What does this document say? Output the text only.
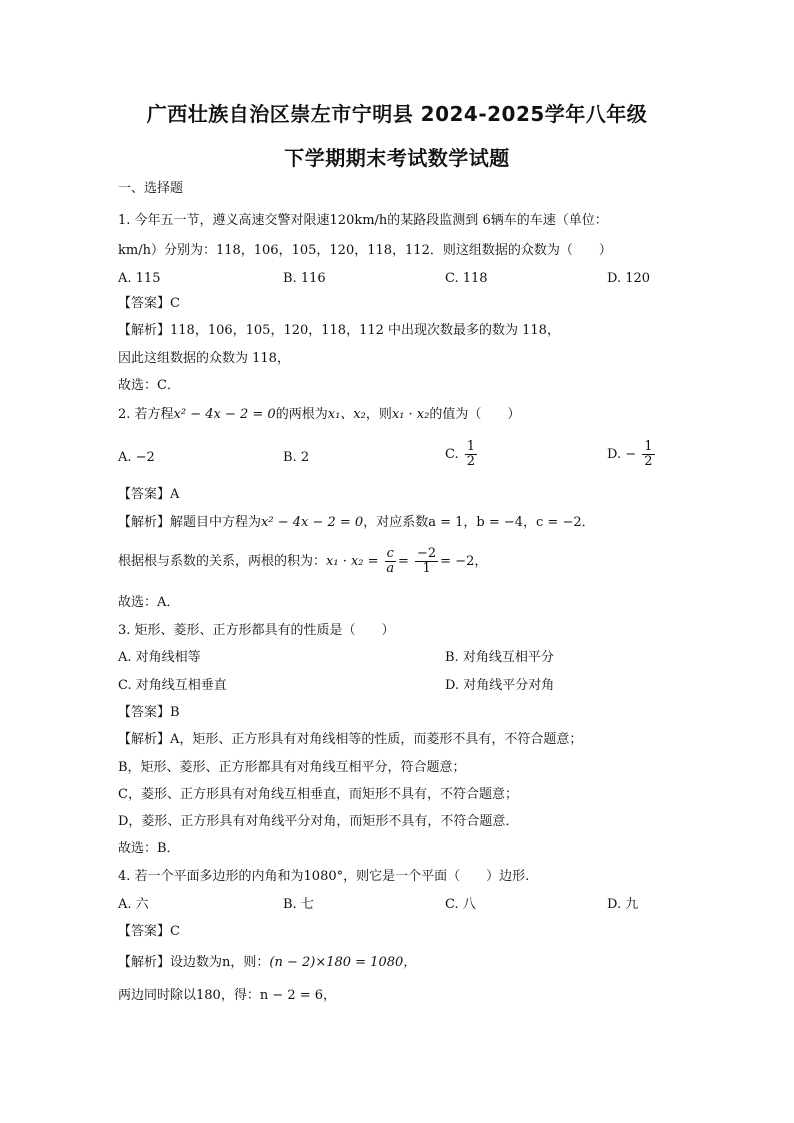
广西壮族自治区崇左市宁明县 2024-2025学年八年级
下学期期末考试数学试题
一、选择题
1. 今年五一节，遵义高速交警对限速120km/h的某路段监测到 6辆车的车速（单位：
km/h）分别为：118，106，105，120，118，112．则这组数据的众数为（　　）
A. 115	B. 116	C. 118	D. 120
【答案】C
【解析】118，106，105，120，118，112 中出现次数最多的数为 118，
因此这组数据的众数为 118，
故选：C．
2. 若方程x² − 4x − 2 = 0的两根为x₁、x₂，则x₁ · x₂的值为（　　）
A. −2	B. 2	C. $\frac{1}{2}$	D. − $\frac{1}{2}$
【答案】A
【解析】解题目中方程为x² − 4x − 2 = 0，对应系数a = 1，b = −4，c = −2．
根据根与系数的关系，两根的积为：$x_1 \cdot x_2 = \frac{c}{a} = \frac{-2}{1} = -2$，
故选：A．
3. 矩形、菱形、正方形都具有的性质是（　　）
A. 对角线相等	B. 对角线互相平分
C. 对角线互相垂直	D. 对角线平分对角
【答案】B
【解析】A，矩形、正方形具有对角线相等的性质，而菱形不具有，不符合题意；
B，矩形、菱形、正方形都具有对角线互相平分，符合题意；
C，菱形、正方形具有对角线互相垂直，而矩形不具有，不符合题意；
D，菱形、正方形具有对角线平分对角，而矩形不具有，不符合题意．
故选：B．
4. 若一个平面多边形的内角和为1080°，则它是一个平面（　　）边形.
A. 六	B. 七	C. 八	D. 九
【答案】C
【解析】设边数为n，则：(n − 2)×180 = 1080，
两边同时除以180，得：n − 2 = 6，
